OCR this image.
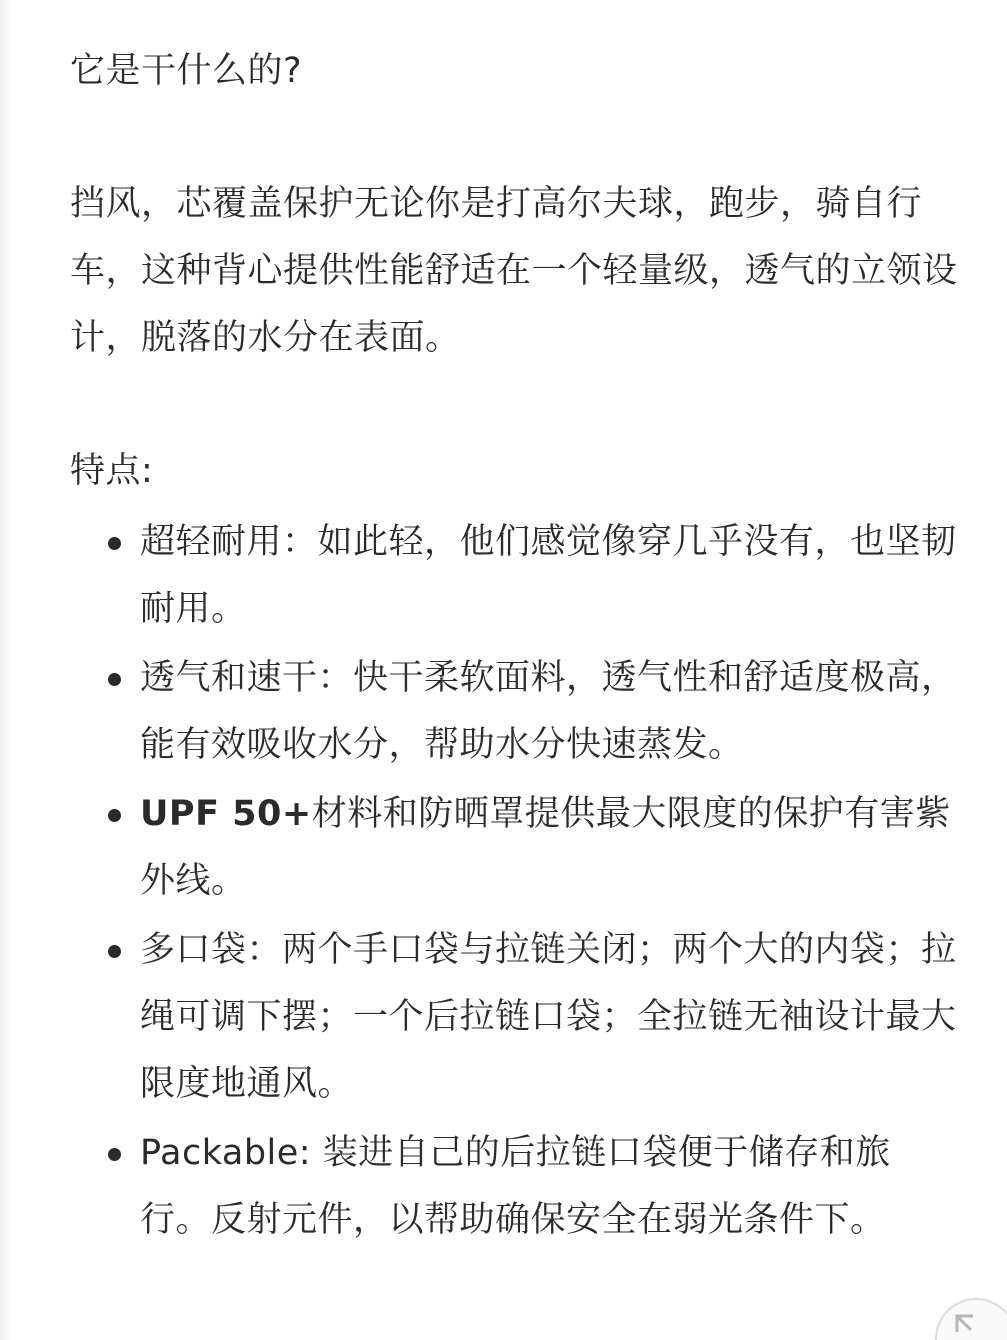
它是干什么的?

挡风，芯覆盖保护无论你是打高尔夫球，跑步，骑自行车，这种背心提供性能舒适在一个轻量级，透气的立领设计，脱落的水分在表面。

特点:

超轻耐用：如此轻，他们感觉像穿几乎没有，也坚韧耐用。
透气和速干：快干柔软面料，透气性和舒适度极高，能有效吸收水分，帮助水分快速蒸发。
UPF 50+材料和防晒罩提供最大限度的保护有害紫外线。
多口袋：两个手口袋与拉链关闭；两个大的内袋；拉绳可调下摆；一个后拉链口袋；全拉链无袖设计最大限度地通风。
Packable: 装进自己的后拉链口袋便于储存和旅行。反射元件，以帮助确保安全在弱光条件下。
